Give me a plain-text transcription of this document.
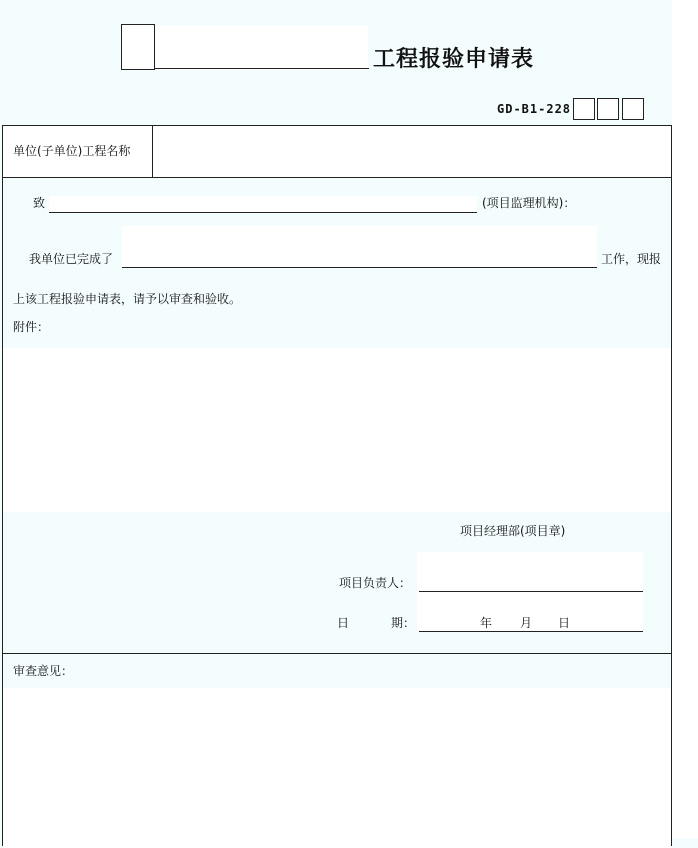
工程报验申请表
GD-B1-228
单位(子单位)工程名称
致	(项目监理机构)：
我单位已完成了	工作，现报
上该工程报验申请表，请予以审查和验收。
附件：
项目经理部(项目章)
项目负责人：
日	期：	年 月 日
审查意见：
